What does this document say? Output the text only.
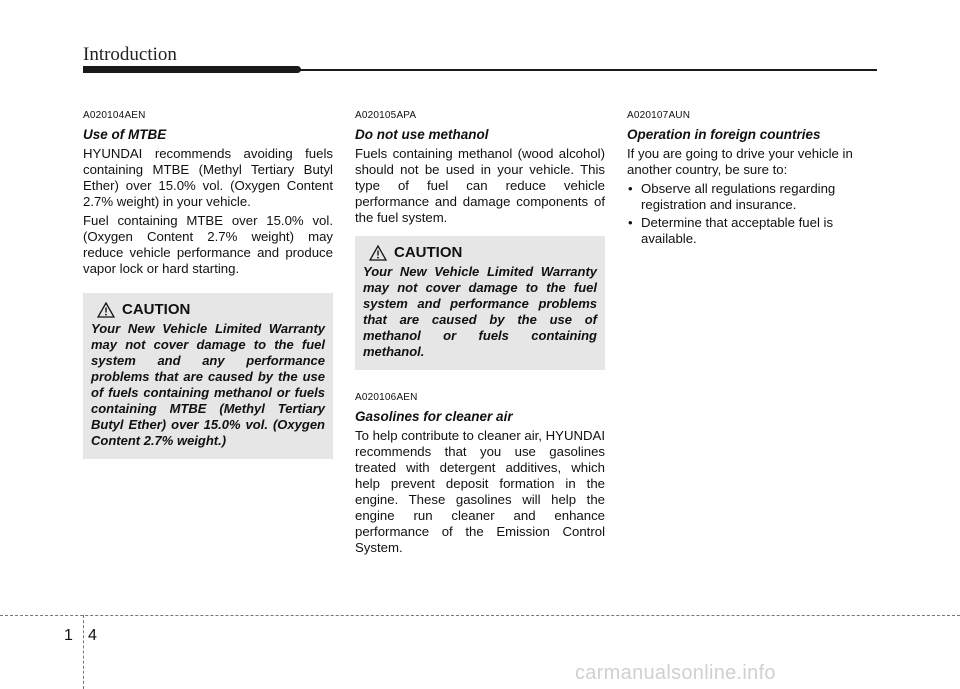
Introduction

A020104AEN

Use of MTBE

HYUNDAI recommends avoiding fuels containing MTBE (Methyl Tertiary Butyl Ether) over 15.0% vol. (Oxygen Content 2.7% weight) in your vehicle.

Fuel containing MTBE over 15.0% vol. (Oxygen Content 2.7% weight) may reduce vehicle performance and produce vapor lock or hard starting.

CAUTION

Your New Vehicle Limited Warranty may not cover damage to the fuel system and any performance problems that are caused by the use of fuels containing methanol or fuels containing MTBE (Methyl Tertiary Butyl Ether) over 15.0% vol. (Oxygen Content 2.7% weight.)

A020105APA

Do not use methanol

Fuels containing methanol (wood alcohol) should not be used in your vehicle. This type of fuel can reduce vehicle performance and damage components of the fuel system.

CAUTION

Your New Vehicle Limited Warranty may not cover damage to the fuel system and performance problems that are caused by the use of methanol or fuels containing methanol.

A020106AEN

Gasolines for cleaner air

To help contribute to cleaner air, HYUNDAI recommends that you use gasolines treated with detergent additives, which help prevent deposit formation in the engine. These gasolines will help the engine run cleaner and enhance performance of the Emission Control System.

A020107AUN

Operation in foreign countries

If you are going to drive your vehicle in another country, be sure to:

• Observe all regulations regarding registration and insurance.
• Determine that acceptable fuel is available.
1 4
carmanualsonline.info
